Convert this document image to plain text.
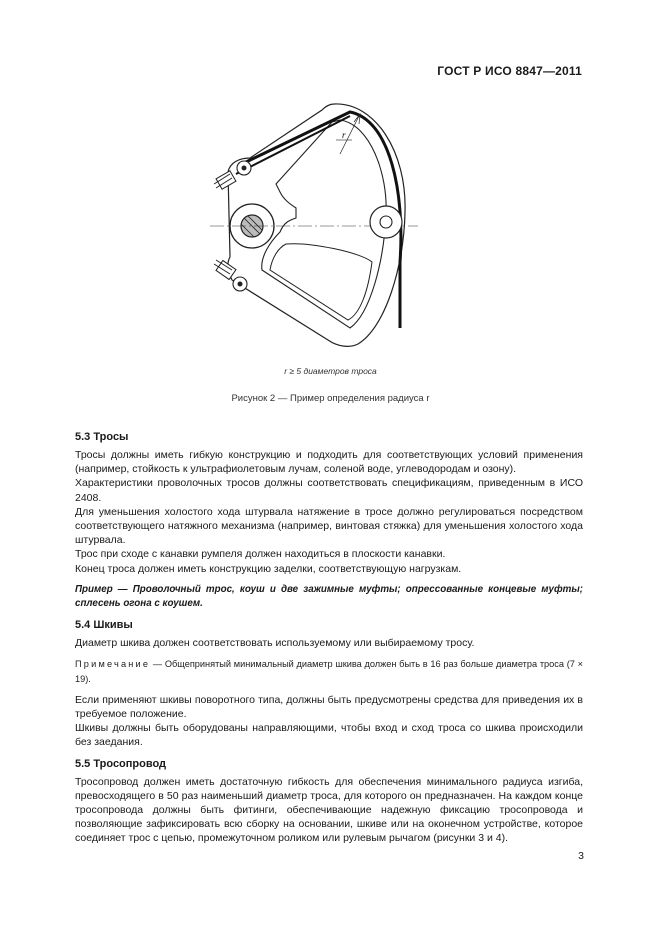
ГОСТ Р ИСО 8847—2011
r
r ≥ 5 диаметров троса
Рисунок 2 — Пример определения радиуса r
5.3 Тросы

Тросы должны иметь гибкую конструкцию и подходить для соответствующих условий применения (например, стойкость к ультрафиолетовым лучам, соленой воде, углеводородам и озону).

Характеристики проволочных тросов должны соответствовать спецификациям, приведенным в ИСО 2408.

Для уменьшения холостого хода штурвала натяжение в тросе должно регулироваться посредством соответствующего натяжного механизма (например, винтовая стяжка) для уменьшения холостого хода штурвала.

Трос при сходе с канавки румпеля должен находиться в плоскости канавки.

Конец троса должен иметь конструкцию заделки, соответствующую нагрузкам.

Пример — Проволочный трос, коуш и две зажимные муфты; опрессованные концевые муфты; сплесень огона с коушем.

5.4 Шкивы

Диаметр шкива должен соответствовать используемому или выбираемому тросу.

Примечание — Общепринятый минимальный диаметр шкива должен быть в 16 раз больше диаметра троса (7 × 19).

Если применяют шкивы поворотного типа, должны быть предусмотрены средства для приведения их в требуемое положение.

Шкивы должны быть оборудованы направляющими, чтобы вход и сход троса со шкива происходили без заедания.

5.5 Тросопровод

Тросопровод должен иметь достаточную гибкость для обеспечения минимального радиуса изгиба, превосходящего в 50 раз наименьший диаметр троса, для которого он предназначен. На каждом конце тросопровода должны быть фитинги, обеспечивающие надежную фиксацию тросопровода и позволяющие зафиксировать всю сборку на основании, шкиве или на оконечном устройстве, которое соединяет трос с цепью, промежуточном роликом или рулевым рычагом (рисунки 3 и 4).

3
